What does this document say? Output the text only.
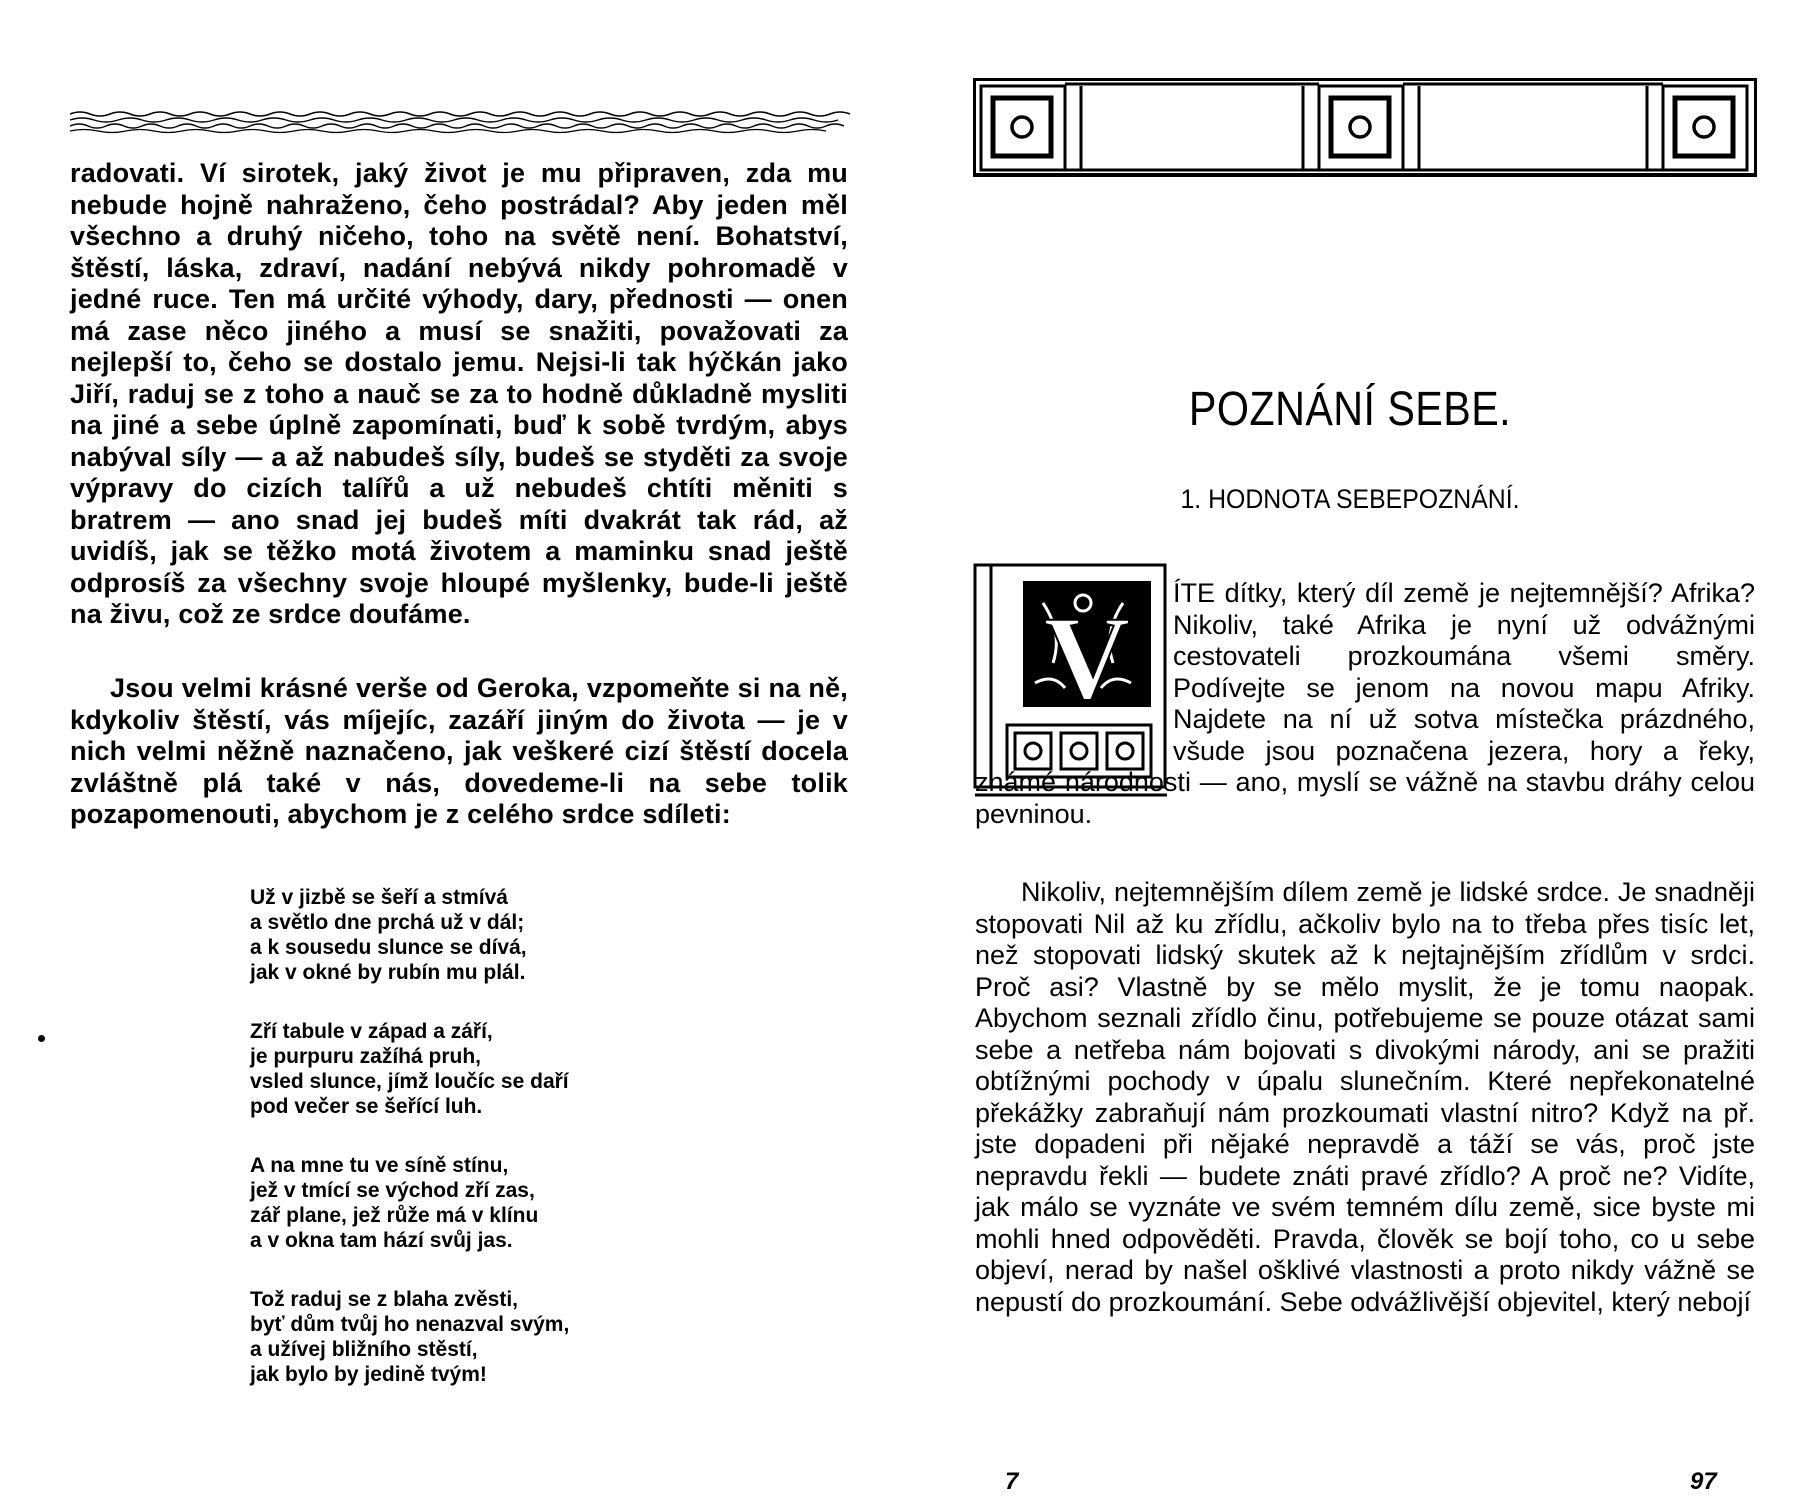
radovati. Ví sirotek, jaký život je mu připraven, zda mu nebude hojně nahraženo, čeho postrádal? Aby jeden měl všechno a druhý ničeho, toho na světě není. Bohatství, štěstí, láska, zdraví, nadání nebývá nikdy pohromadě v jedné ruce. Ten má určité výhody, dary, přednosti — onen má zase něco jiného a musí se snažiti, považovati za nejlepší to, čeho se dostalo jemu. Nejsi-li tak hýčkán jako Jiří, raduj se z toho a nauč se za to hodně důkladně mysliti na jiné a sebe úplně zapomínati, buď k sobě tvrdým, abys nabýval síly — a až nabudeš síly, budeš se styděti za svoje výpravy do cizích talířů a už nebudeš chtíti měniti s bratrem — ano snad jej budeš míti dvakrát tak rád, až uvidíš, jak se těžko motá životem a maminku snad ještě odprosíš za všechny svoje hloupé myšlenky, bude-li ještě na živu, což ze srdce doufáme.

Jsou velmi krásné verše od Geroka, vzpomeňte si na ně, kdykoliv štěstí, vás míjejíc, zazáří jiným do života — je v nich velmi něžně naznačeno, jak veškeré cizí štěstí docela zvláštně plá také v nás, dovedeme-li na sebe tolik pozapomenouti, abychom je z celého srdce sdíleti:

Už v jizbě se šeří a stmívá
a světlo dne prchá už v dál;
a k sousedu slunce se dívá,
jak v okné by rubín mu plál.
Zří tabule v západ a září,
je purpuru zažíhá pruh,
vsled slunce, jímž loučíc se daří
pod večer se šeřící luh.
A na mne tu ve síně stínu,
jež v tmící se východ zří zas,
zář plane, jež růže má v klínu
a v okna tam hází svůj jas.
Tož raduj se z blaha zvěsti,
byť dům tvůj ho nenazval svým,
a užívej bližního stěstí,
jak bylo by jedině tvým!
POZNÁNÍ SEBE.
1. HODNOTA SEBEPOZNÁNÍ.
V	ÍTE dítky, který díl země je nejtemnější? Afrika? Nikoliv, také Afrika je nyní už odvážnými cestovateli prozkoumána všemi směry. Podívejte se jenom na novou mapu Afriky. Najdete na ní už sotva místečka prázdného, všude jsou poznačena jezera, hory a řeky, známé národnosti — ano, myslí se vážně na stavbu dráhy celou pevninou.

Nikoliv, nejtemnějším dílem země je lidské srdce. Je snadněji stopovati Nil až ku zřídlu, ačkoliv bylo na to třeba přes tisíc let, než stopovati lidský skutek až k nejtajnějším zřídlům v srdci. Proč asi? Vlastně by se mělo myslit, že je tomu naopak. Abychom seznali zřídlo činu, potřebujeme se pouze otázat sami sebe a netřeba nám bojovati s divokými národy, ani se pražiti obtížnými pochody v úpalu slunečním. Které nepřekonatelné překážky zabraňují nám prozkoumati vlastní nitro? Když na př. jste dopadeni při nějaké nepravdě a táží se vás, proč jste nepravdu řekli — budete znáti pravé zřídlo? A proč ne? Vidíte, jak málo se vyznáte ve svém temném dílu země, sice byste mi mohli hned odpověděti. Pravda, člověk se bojí toho, co u sebe objeví, nerad by našel ošklivé vlastnosti a proto nikdy vážně se nepustí do prozkoumání. Sebe odvážlivější objevitel, který nebojí

7	97
